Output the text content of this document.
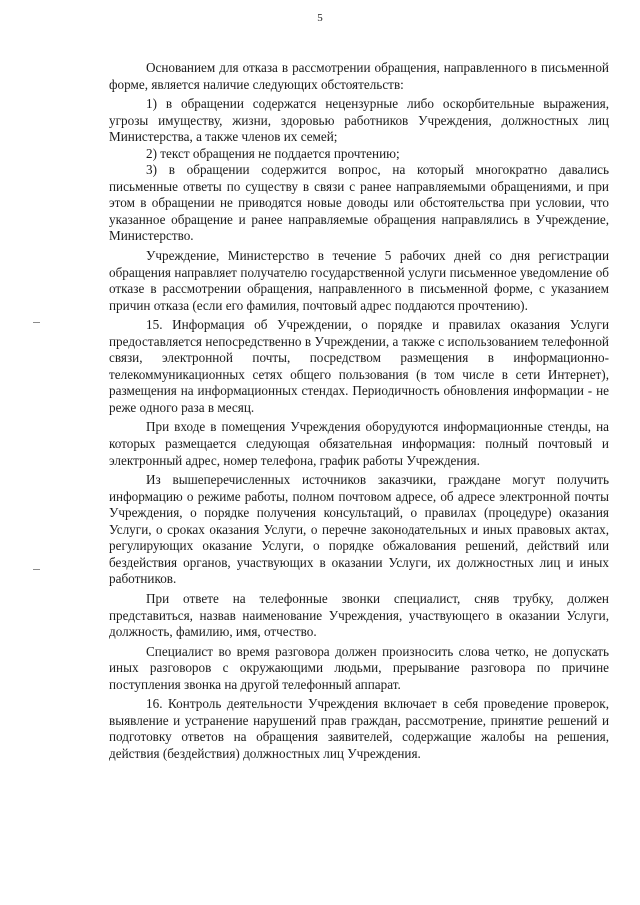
5

Основанием для отказа в рассмотрении обращения, направленного в письменной форме, является наличие следующих обстоятельств:

1) в обращении содержатся нецензурные либо оскорбительные выражения, угрозы имуществу, жизни, здоровью работников Учреждения, должностных лиц Министерства, а также членов их семей;

2) текст обращения не поддается прочтению;

3) в обращении содержится вопрос, на который многократно давались письменные ответы по существу в связи с ранее направляемыми обращениями, и при этом в обращении не приводятся новые доводы или обстоятельства при условии, что указанное обращение и ранее направляемые обращения направлялись в Учреждение, Министерство.

Учреждение, Министерство в течение 5 рабочих дней со дня регистрации обращения направляет получателю государственной услуги письменное уведомление об отказе в рассмотрении обращения, направленного в письменной форме, с указанием причин отказа (если его фамилия, почтовый адрес поддаются прочтению).

15. Информация об Учреждении, о порядке и правилах оказания Услуги предоставляется непосредственно в Учреждении, а также с использованием телефонной связи, электронной почты, посредством размещения в информационно-телекоммуникационных сетях общего пользования (в том числе в сети Интернет), размещения на информационных стендах. Периодичность обновления информации - не реже одного раза в месяц.

При входе в помещения Учреждения оборудуются информационные стенды, на которых размещается следующая обязательная информация: полный почтовый и электронный адрес, номер телефона, график работы Учреждения.

Из вышеперечисленных источников заказчики, граждане могут получить информацию о режиме работы, полном почтовом адресе, об адресе электронной почты Учреждения, о порядке получения консультаций, о правилах (процедуре) оказания Услуги, о сроках оказания Услуги, о перечне законодательных и иных правовых актах, регулирующих оказание Услуги, о порядке обжалования решений, действий или бездействия органов, участвующих в оказании Услуги, их должностных лиц и иных работников.

При ответе на телефонные звонки специалист, сняв трубку, должен представиться, назвав наименование Учреждения, участвующего в оказании Услуги, должность, фамилию, имя, отчество.

Специалист во время разговора должен произносить слова четко, не допускать иных разговоров с окружающими людьми, прерывание разговора по причине поступления звонка на другой телефонный аппарат.

16. Контроль деятельности Учреждения включает в себя проведение проверок, выявление и устранение нарушений прав граждан, рассмотрение, принятие решений и подготовку ответов на обращения заявителей, содержащие жалобы на решения, действия (бездействия) должностных лиц Учреждения.
